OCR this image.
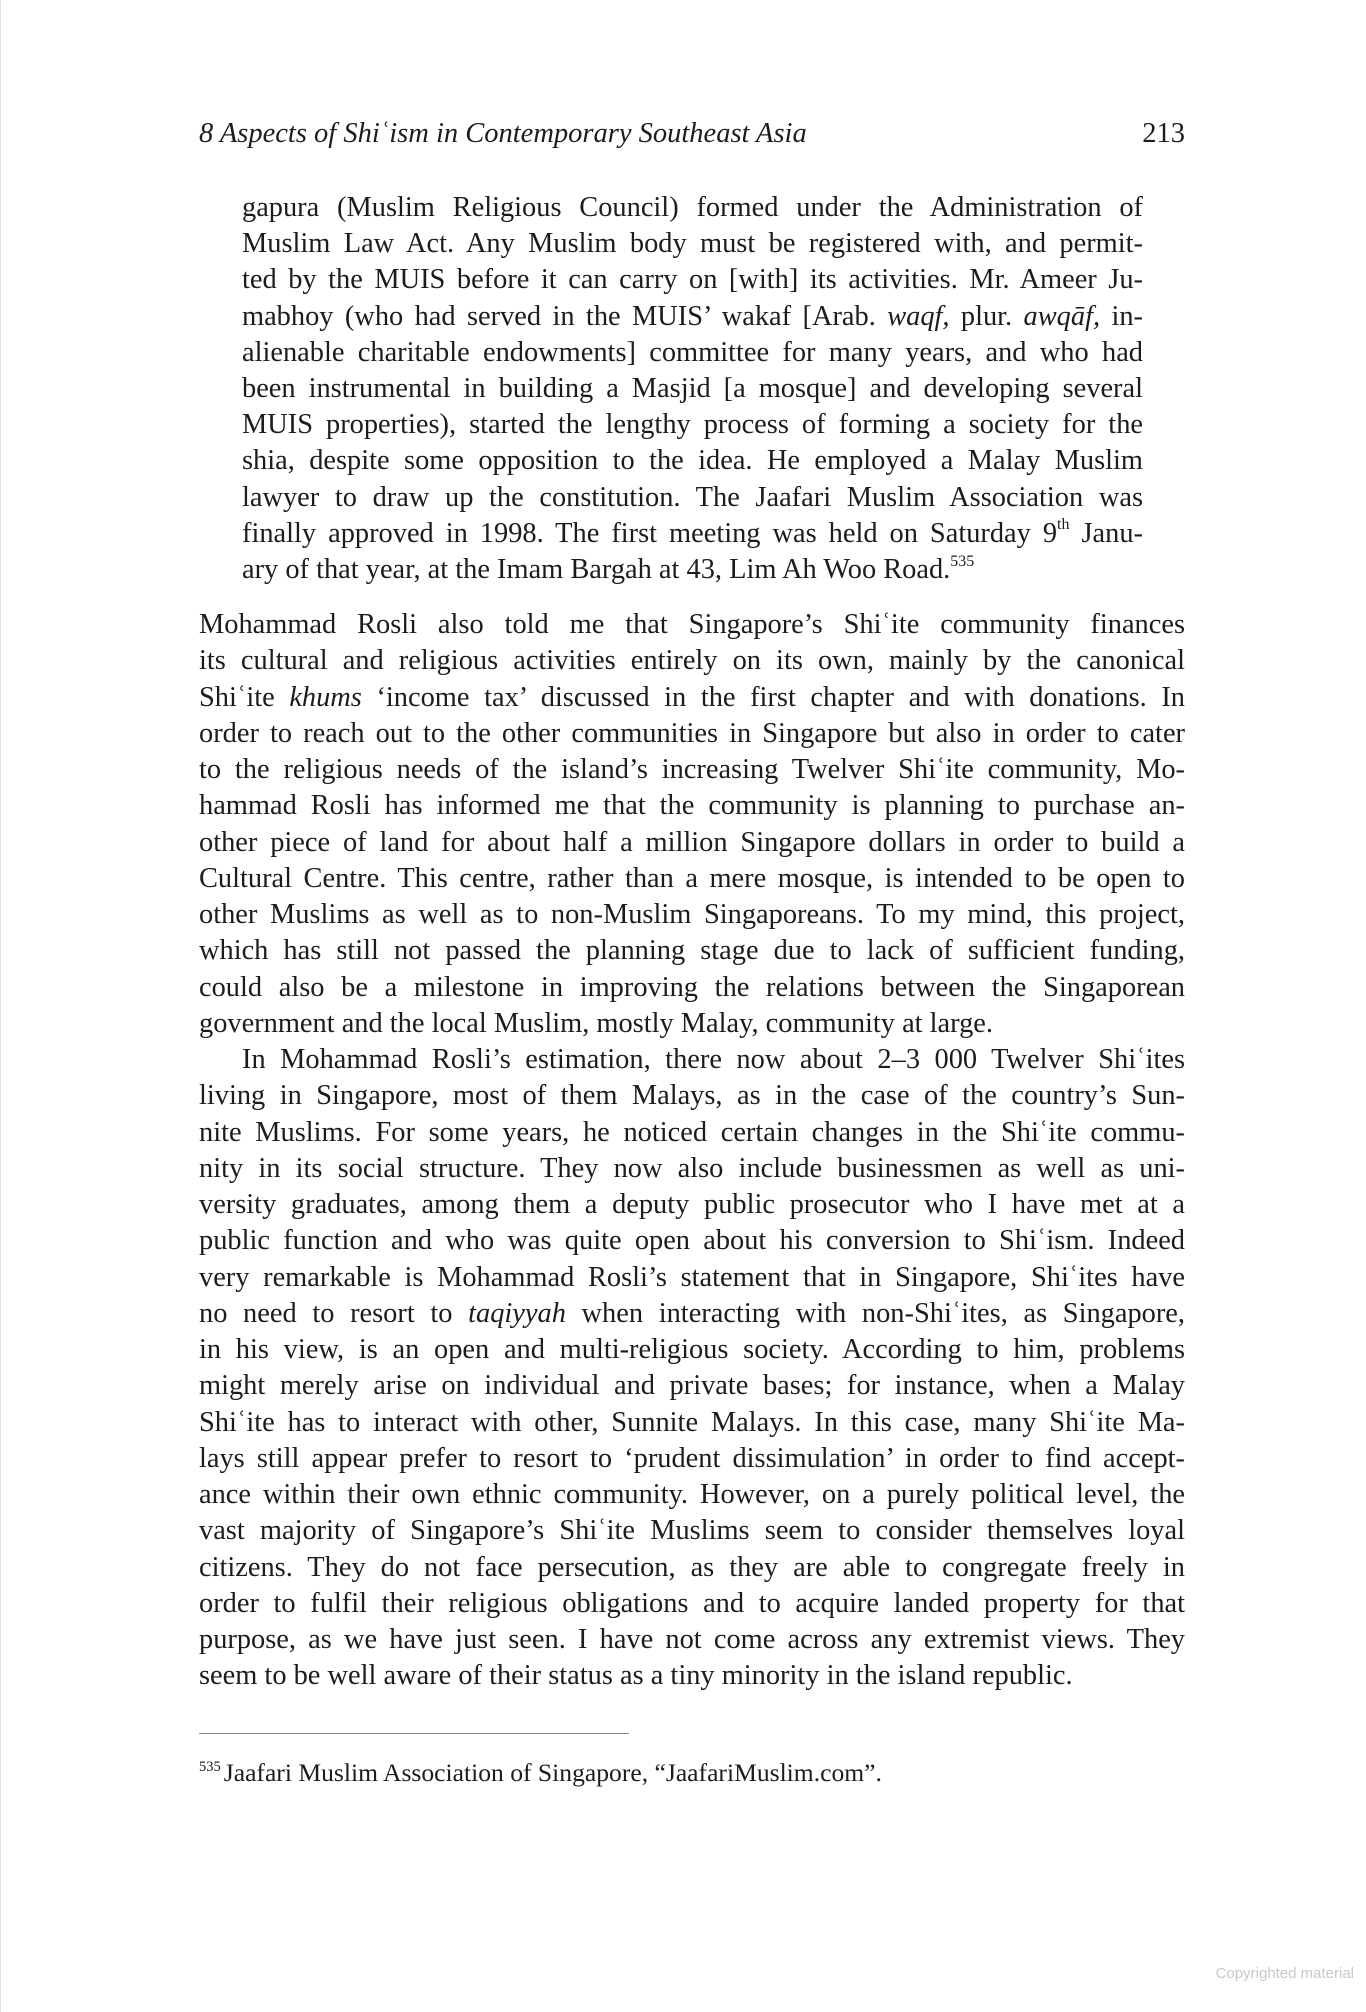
8 Aspects of Shiʿism in Contemporary Southeast Asia	213
gapura (Muslim Religious Council) formed under the Administration of
Muslim Law Act. Any Muslim body must be registered with, and permit-
ted by the MUIS before it can carry on [with] its activities. Mr. Ameer Ju-
mabhoy (who had served in the MUIS’ wakaf [Arab. waqf, plur. awqāf, in-
alienable charitable endowments] committee for many years, and who had
been instrumental in building a Masjid [a mosque] and developing several
MUIS properties), started the lengthy process of forming a society for the
shia, despite some opposition to the idea. He employed a Malay Muslim
lawyer to draw up the constitution. The Jaafari Muslim Association was
finally approved in 1998. The first meeting was held on Saturday 9th Janu-
ary of that year, at the Imam Bargah at 43, Lim Ah Woo Road.$^{535}$

Mohammad Rosli also told me that Singapore’s Shiʿite community finances
its cultural and religious activities entirely on its own, mainly by the canonical
Shiʿite khums ‘income tax’ discussed in the first chapter and with donations. In
order to reach out to the other communities in Singapore but also in order to cater
to the religious needs of the island’s increasing Twelver Shiʿite community, Mo-
hammad Rosli has informed me that the community is planning to purchase an-
other piece of land for about half a million Singapore dollars in order to build a
Cultural Centre. This centre, rather than a mere mosque, is intended to be open to
other Muslims as well as to non-Muslim Singaporeans. To my mind, this project,
which has still not passed the planning stage due to lack of sufficient funding,
could also be a milestone in improving the relations between the Singaporean
government and the local Muslim, mostly Malay, community at large.

In Mohammad Rosli’s estimation, there now about 2–3 000 Twelver Shiʿites
living in Singapore, most of them Malays, as in the case of the country’s Sun-
nite Muslims. For some years, he noticed certain changes in the Shiʿite commu-
nity in its social structure. They now also include businessmen as well as uni-
versity graduates, among them a deputy public prosecutor who I have met at a
public function and who was quite open about his conversion to Shiʿism. Indeed
very remarkable is Mohammad Rosli’s statement that in Singapore, Shiʿites have
no need to resort to taqiyyah when interacting with non-Shiʿites, as Singapore,
in his view, is an open and multi-religious society. According to him, problems
might merely arise on individual and private bases; for instance, when a Malay
Shiʿite has to interact with other, Sunnite Malays. In this case, many Shiʿite Ma-
lays still appear prefer to resort to ‘prudent dissimulation’ in order to find accept-
ance within their own ethnic community. However, on a purely political level, the
vast majority of Singapore’s Shiʿite Muslims seem to consider themselves loyal
citizens. They do not face persecution, as they are able to congregate freely in
order to fulfil their religious obligations and to acquire landed property for that
purpose, as we have just seen. I have not come across any extremist views. They
seem to be well aware of their status as a tiny minority in the island republic.

$^{535}$ Jaafari Muslim Association of Singapore, “JaafariMuslim.com”.
Copyrighted material
